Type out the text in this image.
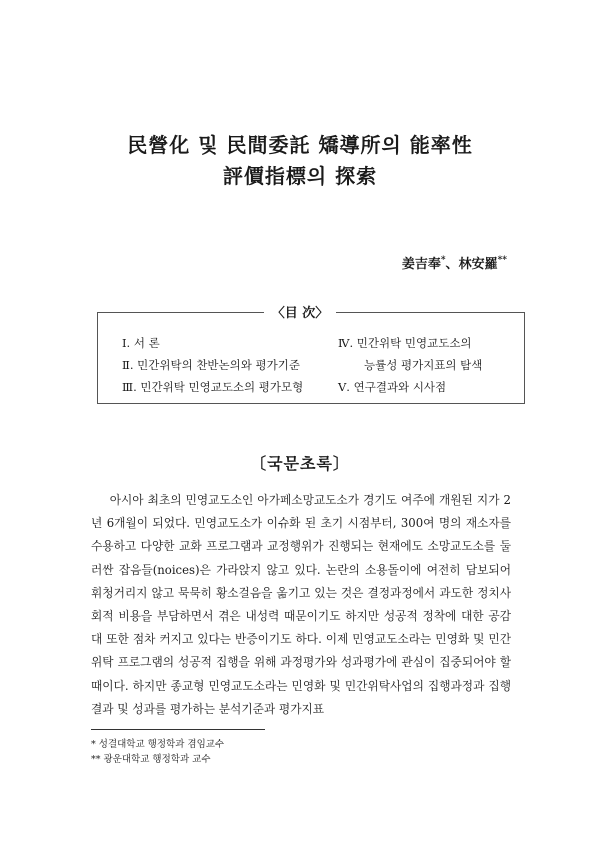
民營化 및 民間委託 矯導所의 能率性
評價指標의 探索
姜吉奉*、林安羅**
Ⅰ. 서 론
Ⅱ. 민간위탁의 찬반논의와 평가기준
Ⅲ. 민간위탁 민영교도소의 평가모형
Ⅳ. 민간위탁 민영교도소의
능률성 평가지표의 탐색
Ⅴ. 연구결과와 시사점
〈目 次〉
〔국문초록〕

아시아 최초의 민영교도소인 아가페소망교도소가 경기도 여주에 개원된 지가 2년 6개월이 되었다. 민영교도소가 이슈화 된 초기 시점부터, 300여 명의 재소자를 수용하고 다양한 교화 프로그램과 교정행위가 진행되는 현재에도 소망교도소를 둘러싼 잡음들(noices)은 가라앉지 않고 있다. 논란의 소용돌이에 여전히 담보되어 휘청거리지 않고 묵묵히 황소걸음을 옮기고 있는 것은 결정과정에서 과도한 정치사회적 비용을 부담하면서 겪은 내성력 때문이기도 하지만 성공적 정착에 대한 공감대 또한 점차 커지고 있다는 반증이기도 하다. 이제 민영교도소라는 민영화 및 민간위탁 프로그램의 성공적 집행을 위해 과정평가와 성과평가에 관심이 집중되어야 할 때이다. 하지만 종교형 민영교도소라는 민영화 및 민간위탁사업의 집행과정과 집행결과 및 성과를 평가하는 분석기준과 평가지표

* 성결대학교 행정학과 겸임교수
** 광운대학교 행정학과 교수
